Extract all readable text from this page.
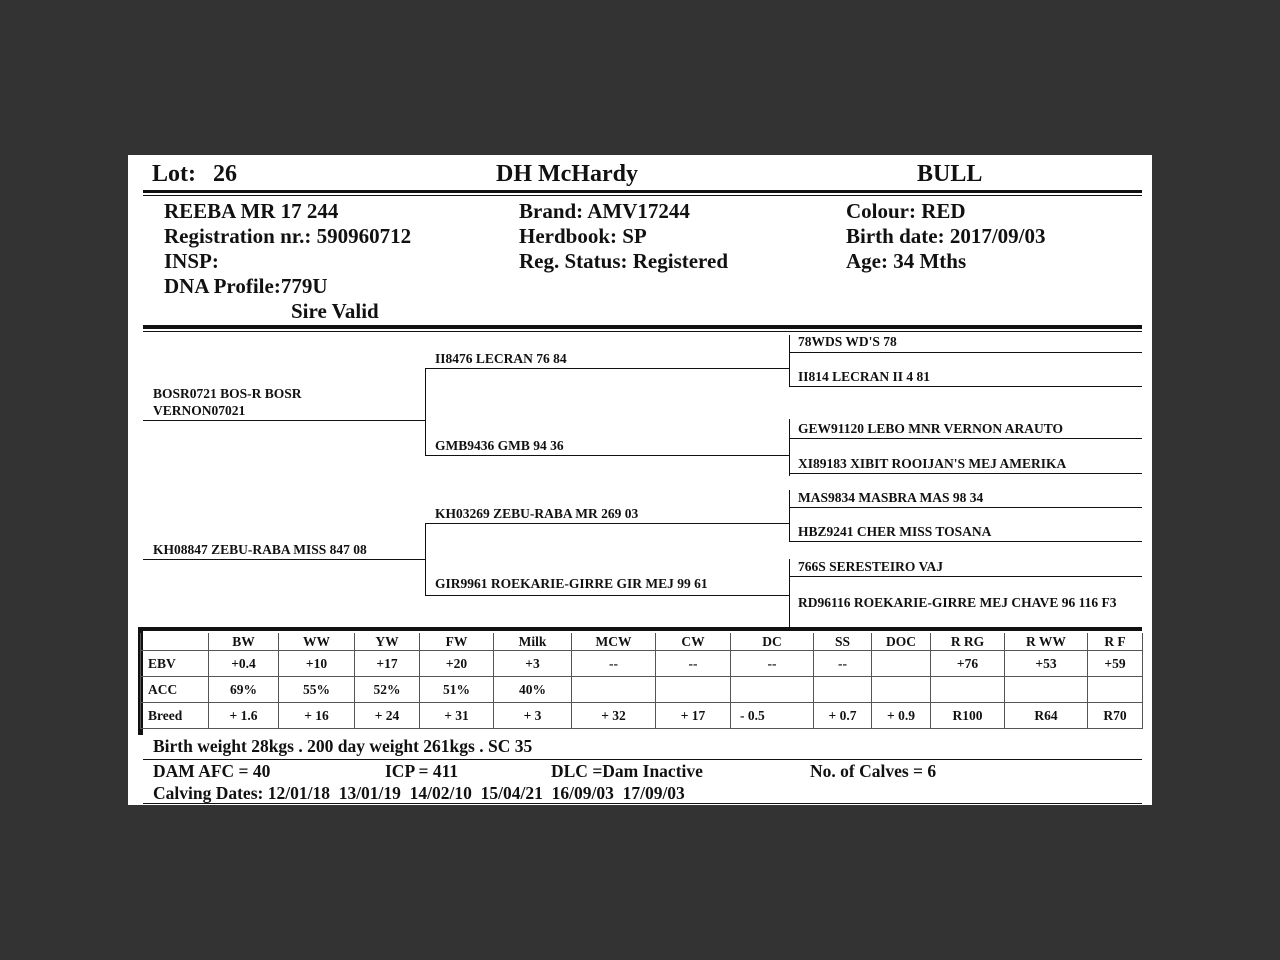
Lot: 26	DH McHardy	BULL
REEBA MR 17 244
Registration nr.: 590960712
INSP:
DNA Profile:779U
Sire Valid
Brand: AMV17244
Herdbook: SP
Reg. Status: Registered
Colour: RED
Birth date: 2017/09/03
Age: 34 Mths
BOSR0721 BOS-R BOSR VERNON07021
KH08847 ZEBU-RABA MISS 847 08
II8476 LECRAN 76 84
GMB9436 GMB 94 36
KH03269 ZEBU-RABA MR 269 03
GIR9961 ROEKARIE-GIRRE GIR MEJ 99 61
78WDS WD'S 78
II814 LECRAN II 4 81
GEW91120 LEBO MNR VERNON ARAUTO
XI89183 XIBIT ROOIJAN'S MEJ AMERIKA
MAS9834 MASBRA MAS 98 34
HBZ9241 CHER MISS TOSANA
766S SERESTEIRO VAJ
RD96116 ROEKARIE-GIRRE MEJ CHAVE 96 116 F3
	BW	WW	YW	FW	Milk	MCW	CW	DC	SS	DOC	R RG	R WW	R F
EBV	+0.4	+10	+17	+20	+3	--	--	--	--		+76	+53	+59
ACC	69%	55%	52%	51%	40%								
Breed	+ 1.6	+ 16	+ 24	+ 31	+ 3	+ 32	+ 17	- 0.5	+ 0.7	+ 0.9	R100	R64	R70
Birth weight 28kgs . 200 day weight 261kgs . SC 35
DAM AFC = 40	ICP = 411	DLC =Dam Inactive	No. of Calves = 6
Calving Dates: 12/01/18  13/01/19  14/02/10  15/04/21  16/09/03  17/09/03
